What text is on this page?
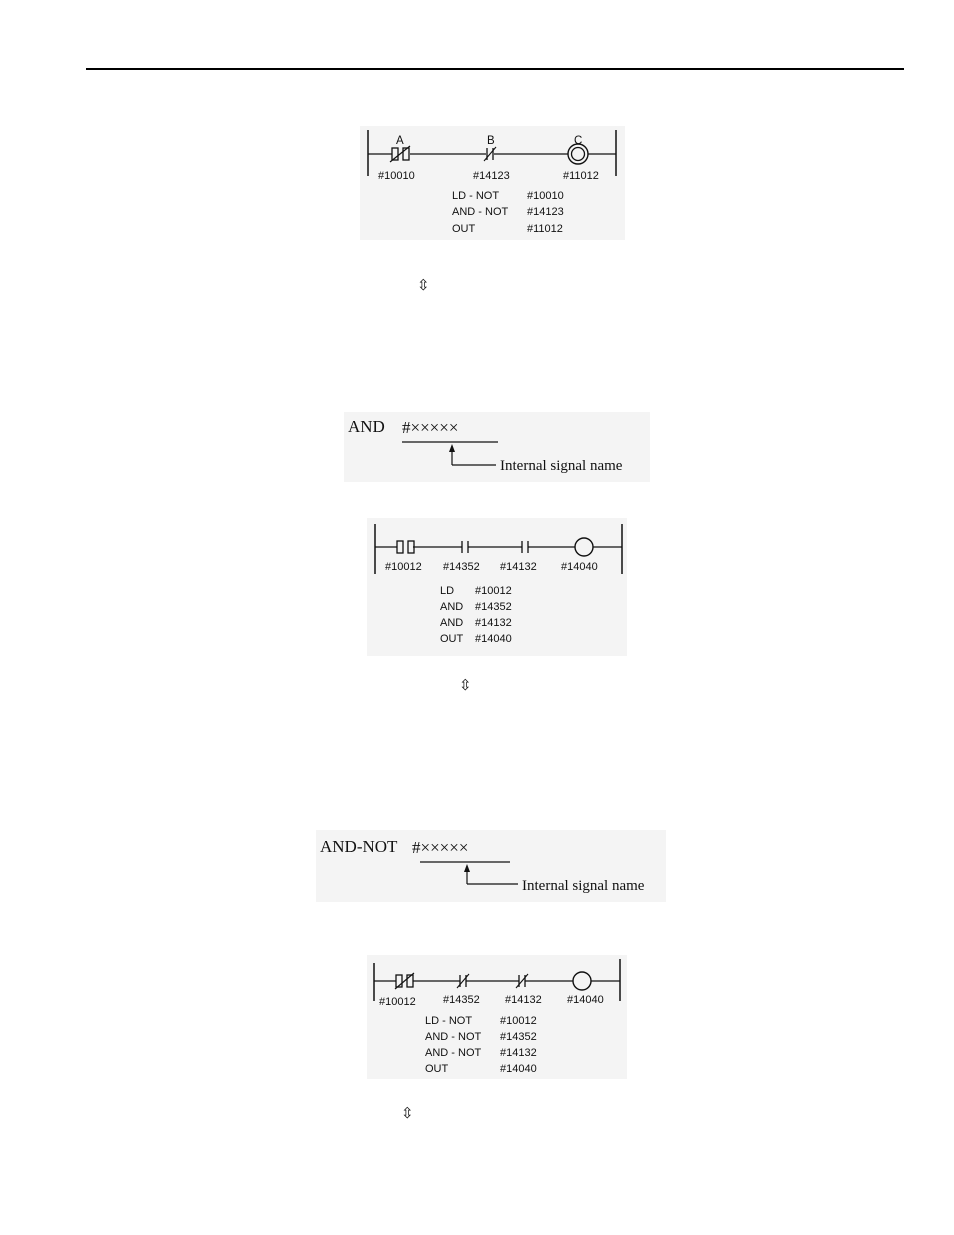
A	B	C
#10010	#14123	#11012
LD - NOT	#10010
AND - NOT #14123
OUT	#11012
⇳
AND #×××××
Internal signal name
#10012 #14352 #14132 #14040
LD #10012
AND #14352
AND #14132
OUT #14040
⇳
AND-NOT #×××××
Internal signal name
#10012 #14352 #14132 #14040
LD - NOT	#10012
AND - NOT #14352
AND - NOT #14132
OUT	#14040
⇳
